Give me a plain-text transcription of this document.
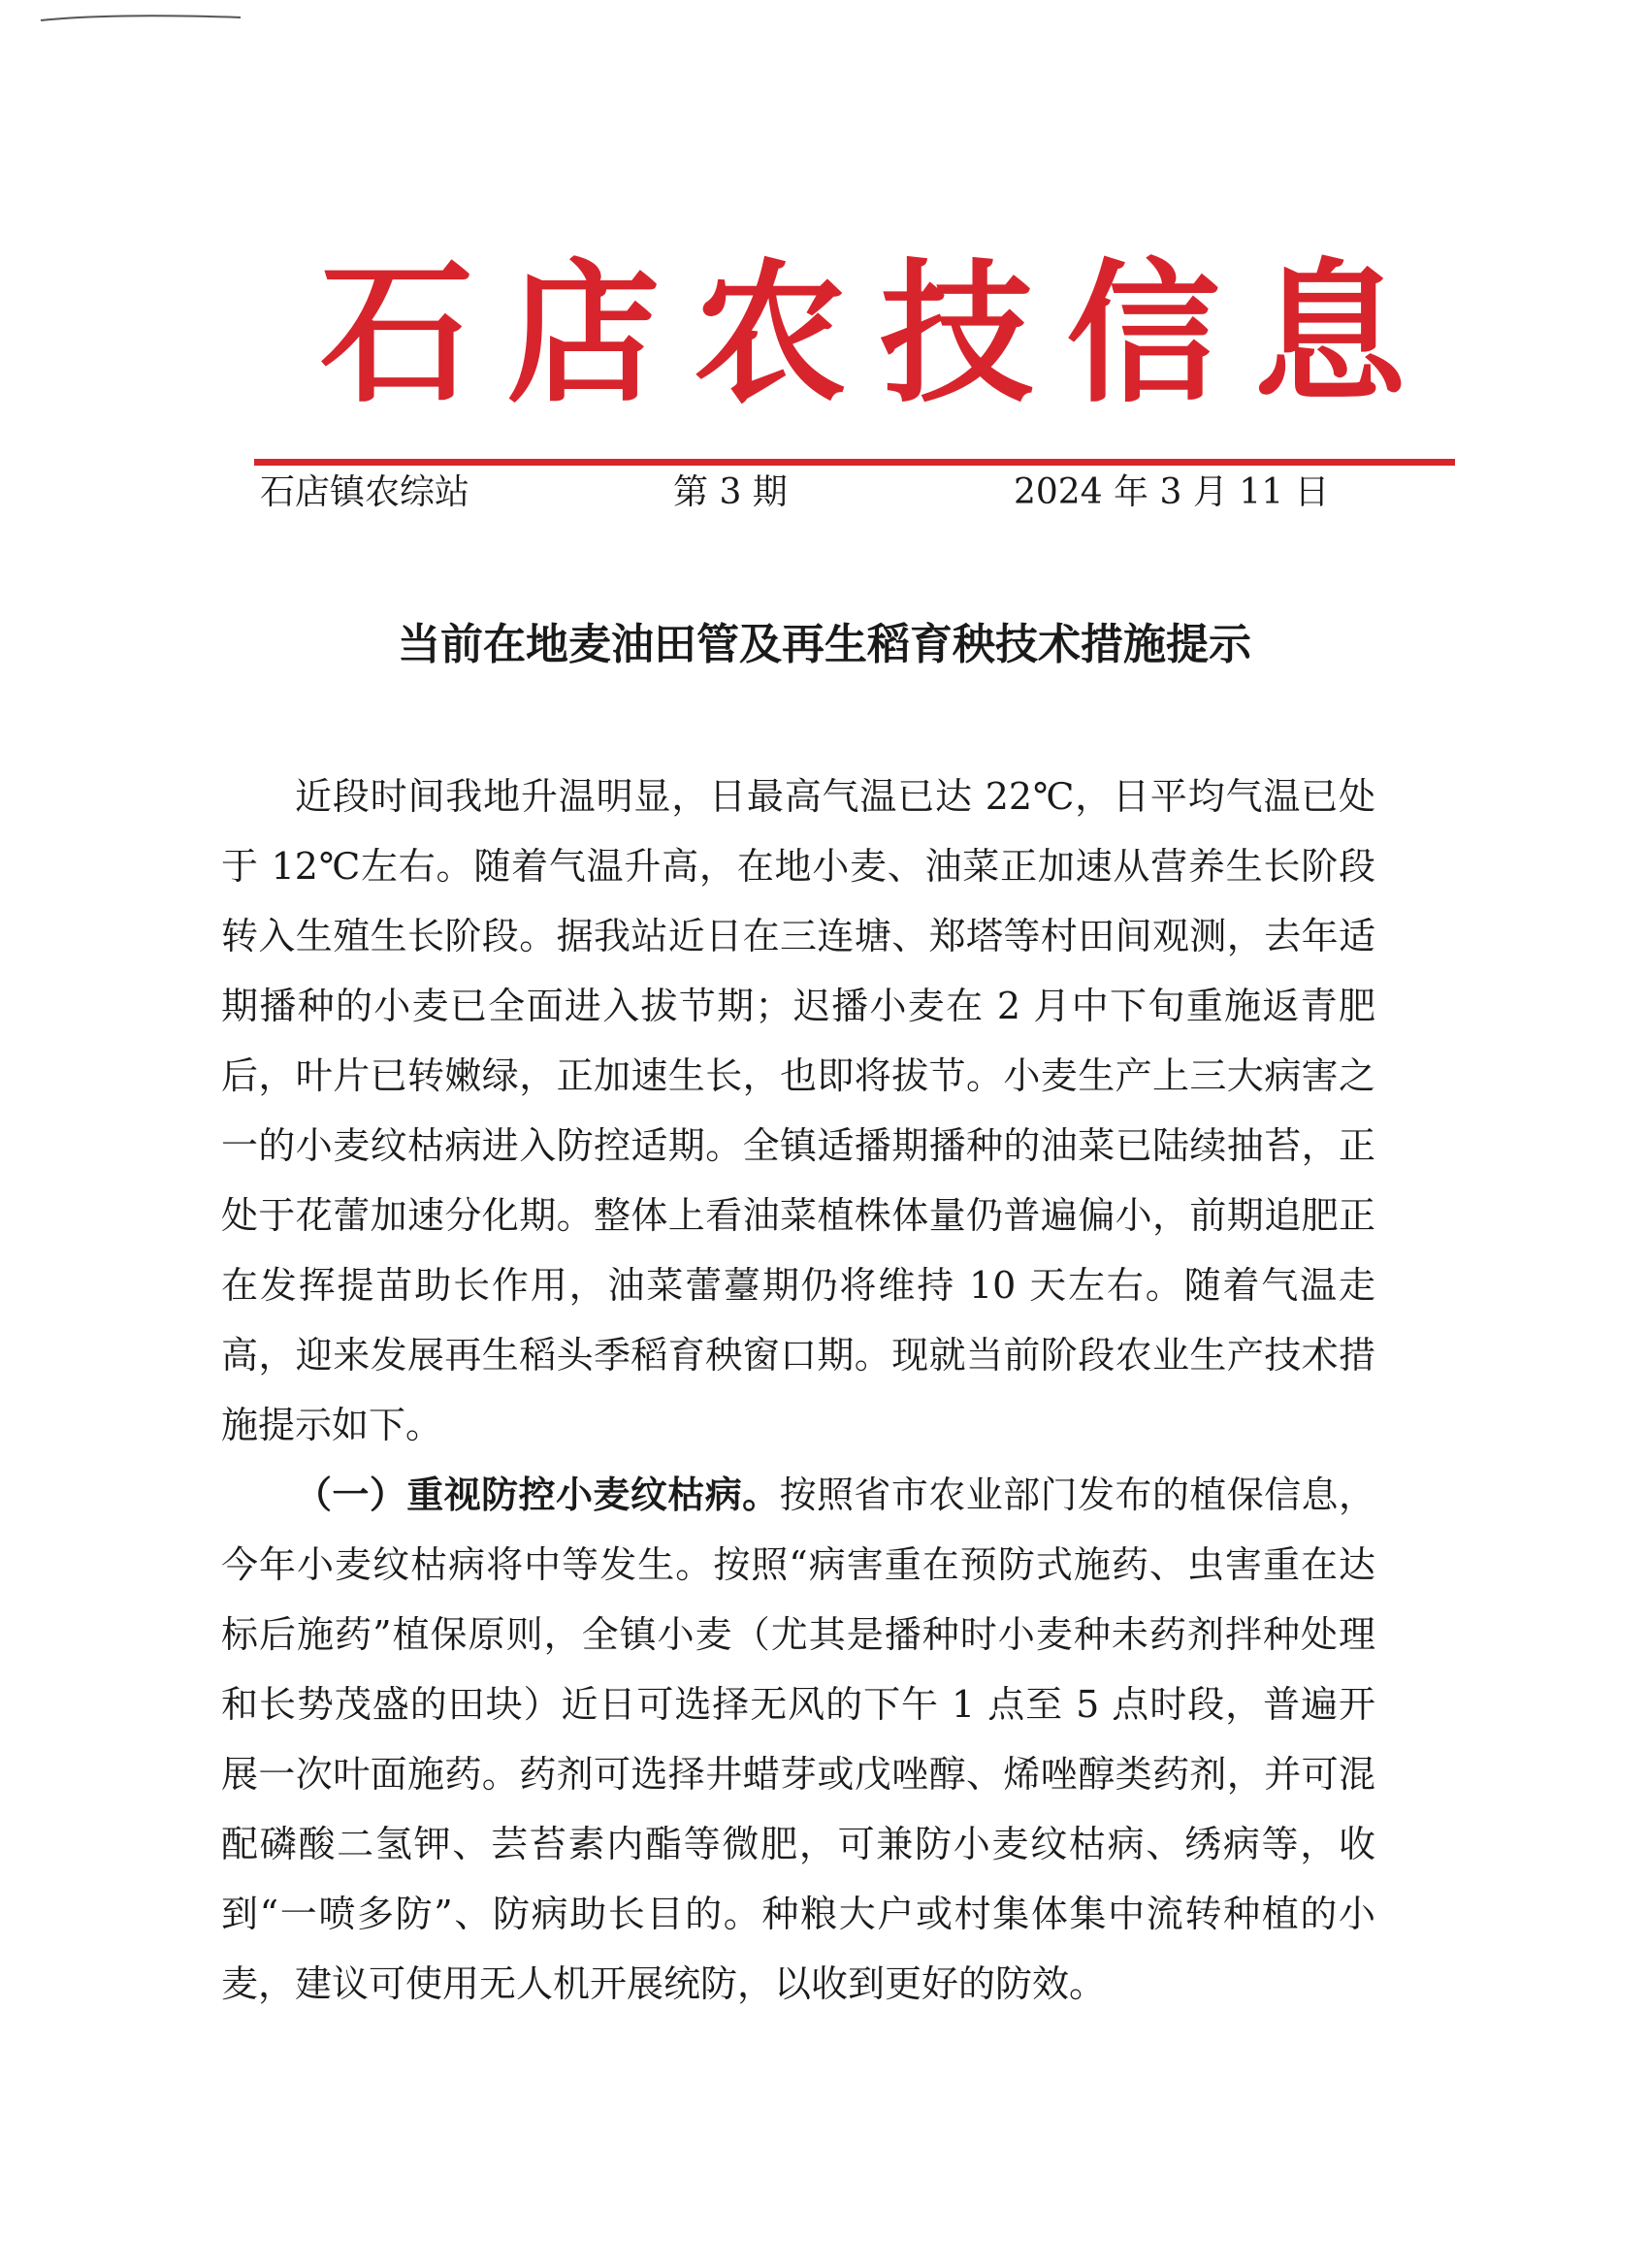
石 店 农 技 信 息
石店镇农综站	第 3 期	2024 年 3 月 11 日
当前在地麦油田管及再生稻育秧技术措施提示

近段时间我地升温明显，日最高气温已达 22℃，日平均气温已处于 12℃左右。随着气温升高，在地小麦、油菜正加速从营养生长阶段转入生殖生长阶段。据我站近日在三连塘、郑塔等村田间观测，去年适期播种的小麦已全面进入拔节期；迟播小麦在 2 月中下旬重施返青肥后，叶片已转嫩绿，正加速生长，也即将拔节。小麦生产上三大病害之一的小麦纹枯病进入防控适期。全镇适播期播种的油菜已陆续抽苔，正处于花蕾加速分化期。整体上看油菜植株体量仍普遍偏小，前期追肥正在发挥提苗助长作用，油菜蕾薹期仍将维持 10 天左右。随着气温走高，迎来发展再生稻头季稻育秧窗口期。现就当前阶段农业生产技术措施提示如下。

（一）重视防控小麦纹枯病。按照省市农业部门发布的植保信息，今年小麦纹枯病将中等发生。按照“病害重在预防式施药、虫害重在达标后施药”植保原则，全镇小麦（尤其是播种时小麦种未药剂拌种处理和长势茂盛的田块）近日可选择无风的下午 1 点至 5 点时段，普遍开展一次叶面施药。药剂可选择井蜡芽或戊唑醇、烯唑醇类药剂，并可混配磷酸二氢钾、芸苔素内酯等微肥，可兼防小麦纹枯病、绣病等，收到“一喷多防”、防病助长目的。种粮大户或村集体集中流转种植的小麦，建议可使用无人机开展统防，以收到更好的防效。
